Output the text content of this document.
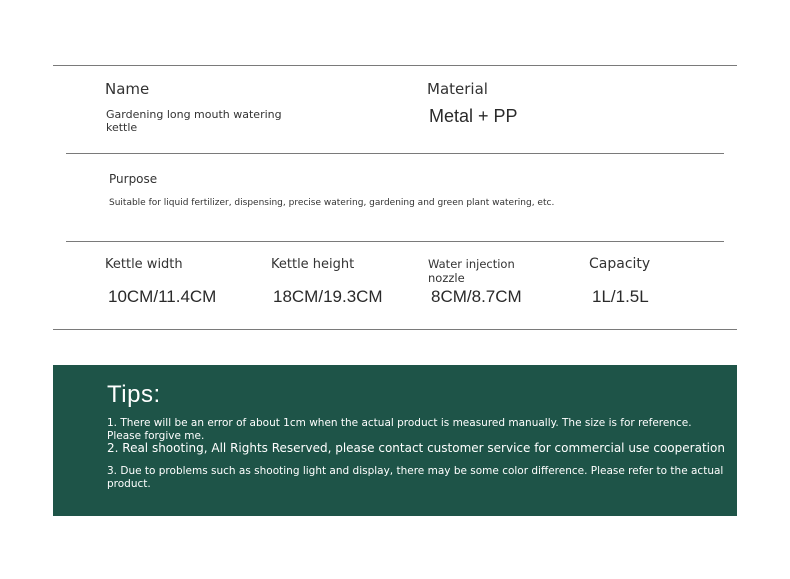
Name
Gardening long mouth watering kettle
Material
Metal + PP
Purpose
Suitable for liquid fertilizer, dispensing, precise watering, gardening and green plant watering, etc.
Kettle width
10CM/11.4CM
Kettle height
18CM/19.3CM
Water injection nozzle
8CM/8.7CM
Capacity
1L/1.5L
Tips:
1. There will be an error of about 1cm when the actual product is measured manually. The size is for reference. Please forgive me.
2. Real shooting, All Rights Reserved, please contact customer service for commercial use cooperation
3. Due to problems such as shooting light and display, there may be some color difference. Please refer to the actual product.
